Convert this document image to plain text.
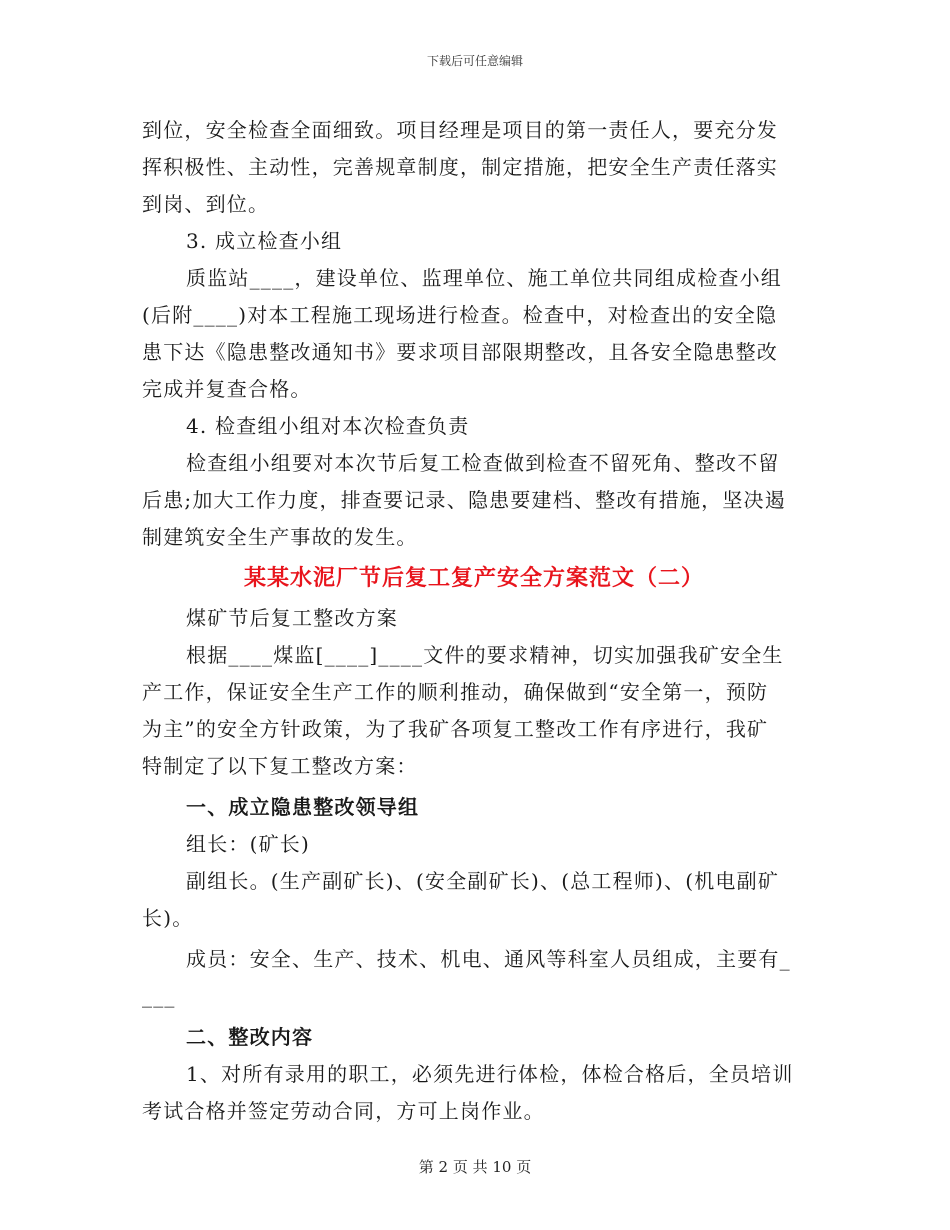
下载后可任意编辑
到位，安全检查全面细致。项目经理是项目的第一责任人，要充分发
挥积极性、主动性，完善规章制度，制定措施，把安全生产责任落实
到岗、到位。
3. 成立检查小组
质监站____，建设单位、监理单位、施工单位共同组成检查小组
(后附____)对本工程施工现场进行检查。检查中，对检查出的安全隐
患下达《隐患整改通知书》要求项目部限期整改，且各安全隐患整改
完成并复查合格。
4. 检查组小组对本次检查负责
检查组小组要对本次节后复工检查做到检查不留死角、整改不留
后患;加大工作力度，排查要记录、隐患要建档、整改有措施，坚决遏
制建筑安全生产事故的发生。
某某水泥厂节后复工复产安全方案范文（二）
煤矿节后复工整改方案
根据____煤监[____]____文件的要求精神，切实加强我矿安全生
产工作，保证安全生产工作的顺利推动，确保做到“安全第一，预防
为主”的安全方针政策，为了我矿各项复工整改工作有序进行，我矿
特制定了以下复工整改方案：
一、成立隐患整改领导组
组长：(矿长)
副组长。(生产副矿长)、(安全副矿长)、(总工程师)、(机电副矿
长)。
成员：安全、生产、技术、机电、通风等科室人员组成，主要有_
___
二、整改内容
1、对所有录用的职工，必须先进行体检，体检合格后，全员培训
考试合格并签定劳动合同，方可上岗作业。
第 2 页 共 10 页
